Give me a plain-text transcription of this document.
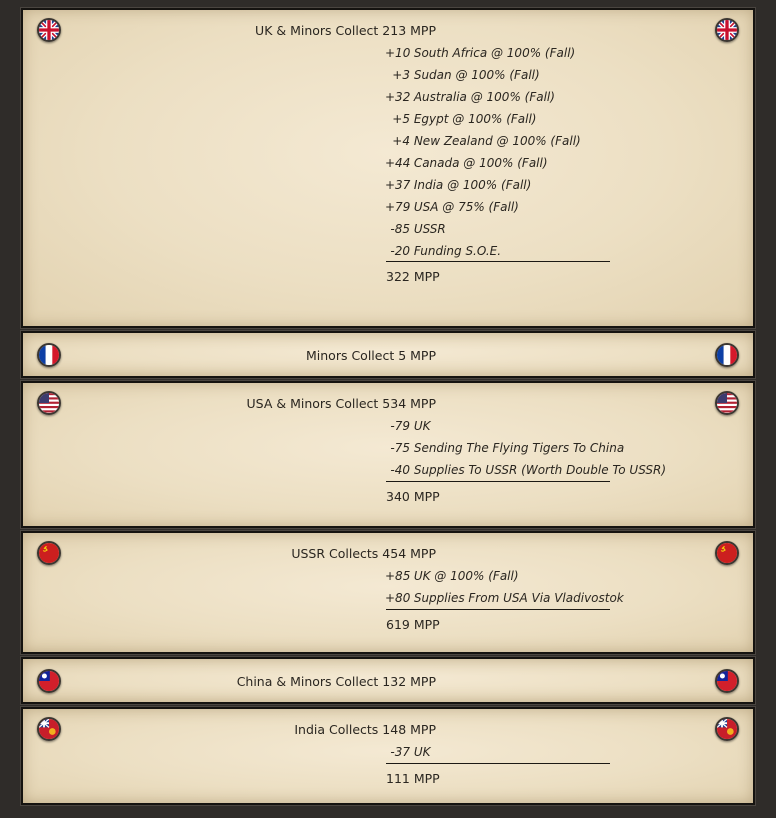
UK & Minors Collect 213 MPP
+10 South Africa @ 100% (Fall)
+3 Sudan @ 100% (Fall)
+32 Australia @ 100% (Fall)
+5 Egypt @ 100% (Fall)
+4 New Zealand @ 100% (Fall)
+44 Canada @ 100% (Fall)
+37 India @ 100% (Fall)
+79 USA @ 75% (Fall)
-85 USSR
-20 Funding S.O.E.
322 MPP
Minors Collect 5 MPP
USA & Minors Collect 534 MPP
-79 UK
-75 Sending The Flying Tigers To China
-40 Supplies To USSR (Worth Double To USSR)
340 MPP
USSR Collects 454 MPP
+85 UK @ 100% (Fall)
+80 Supplies From USA Via Vladivostok
619 MPP
China & Minors Collect 132 MPP
India Collects 148 MPP
-37 UK
111 MPP
